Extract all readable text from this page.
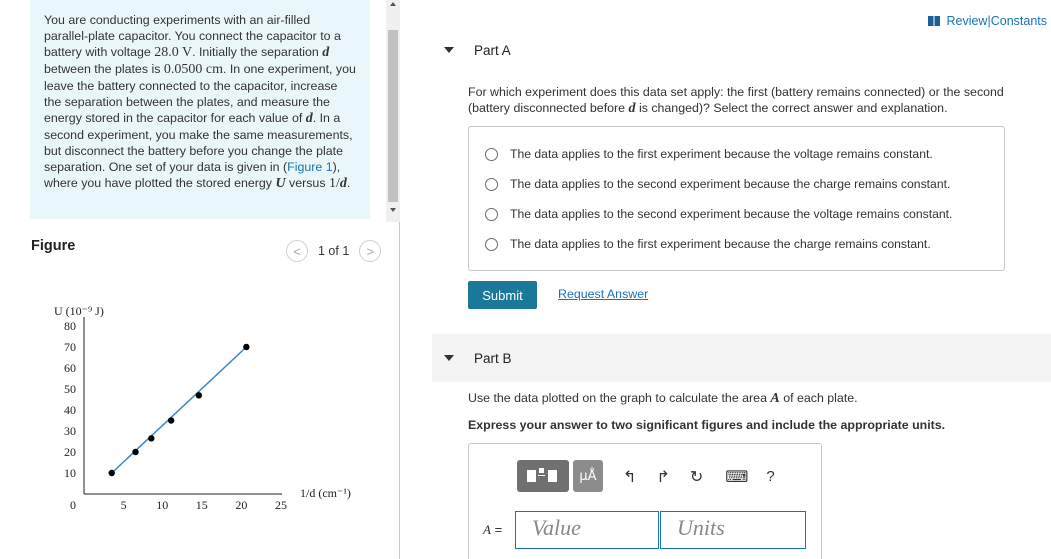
You are conducting experiments with an air-filled parallel-plate capacitor. You connect the capacitor to a battery with voltage 28.0 V. Initially the separation d between the plates is 0.0500 cm. In one experiment, you leave the battery connected to the capacitor, increase the separation between the plates, and measure the energy stored in the capacitor for each value of d. In a second experiment, you make the same measurements, but disconnect the battery before you change the plate separation. One set of your data is given in (Figure 1), where you have plotted the stored energy U versus 1/d.
Figure	< 1 of 1 >
U (10⁻⁹ J)
10
20
30
40
50
60
70
80
0	5 10 15 20 25
1/d (cm⁻¹)
Review | Constants
Part A
For which experiment does this data set apply: the first (battery remains connected) or the second (battery disconnected before d is changed)? Select the correct answer and explanation.
The data applies to the first experiment because the voltage remains constant.
The data applies to the second experiment because the charge remains constant.
The data applies to the second experiment because the voltage remains constant.
The data applies to the first experiment because the charge remains constant.
Submit	Request Answer
Part B
Use the data plotted on the graph to calculate the area A of each plate.
Express your answer to two significant figures and include the appropriate units.
μÅ ↰ ↱ ↻ ⌨ ?
A =	Value	Units
